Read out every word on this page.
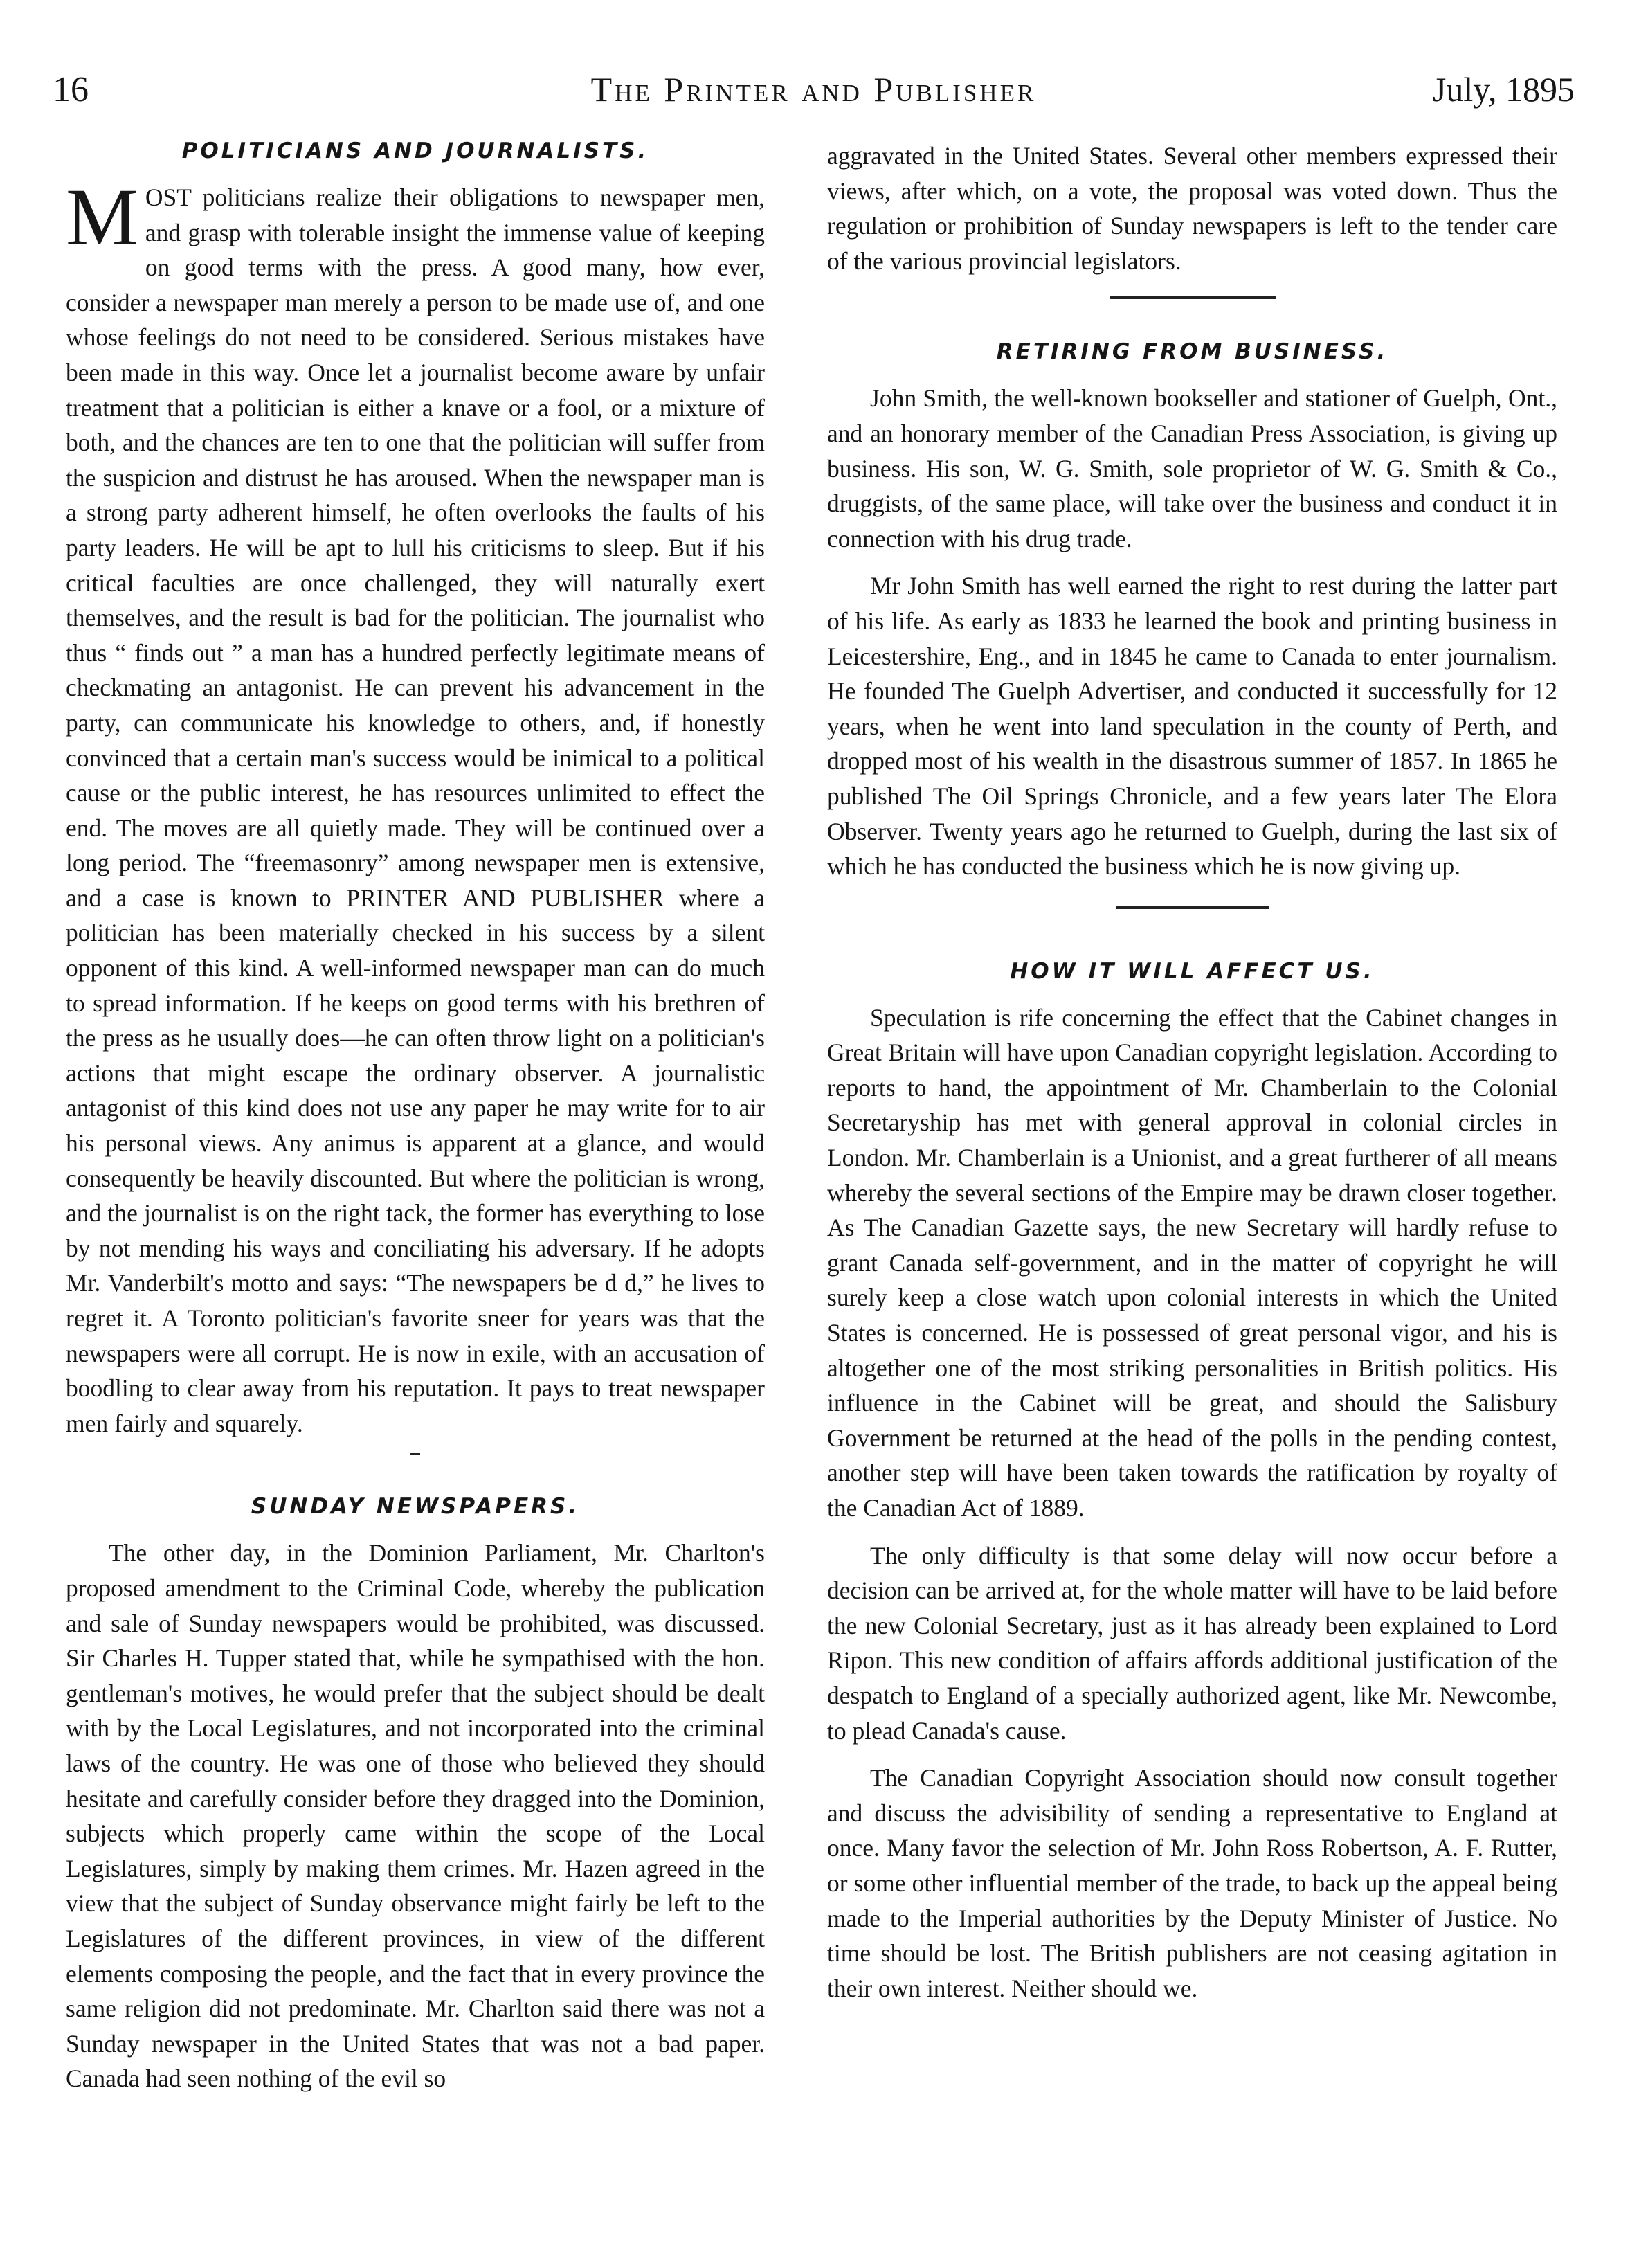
16	The Printer and Publisher	July, 1895
POLITICIANS AND JOURNALISTS.

MOST politicians realize their obligations to newspaper men, and grasp with tolerable insight the immense value of keeping on good terms with the press. A good many, how ever, consider a newspaper man merely a person to be made use of, and one whose feelings do not need to be considered. Serious mistakes have been made in this way. Once let a journalist become aware by unfair treatment that a politician is either a knave or a fool, or a mixture of both, and the chances are ten to one that the politician will suffer from the suspicion and distrust he has aroused. When the newspaper man is a strong party adherent himself, he often overlooks the faults of his party leaders. He will be apt to lull his criticisms to sleep. But if his critical faculties are once challenged, they will naturally exert themselves, and the result is bad for the politician. The journalist who thus “ finds out ” a man has a hundred perfectly legitimate means of checkmating an antagonist. He can prevent his advancement in the party, can communicate his knowledge to others, and, if honestly convinced that a certain man's success would be inimical to a political cause or the public interest, he has resources unlimited to effect the end. The moves are all quietly made. They will be continued over a long period. The “freemasonry” among newspaper men is extensive, and a case is known to PRINTER AND PUBLISHER where a politician has been materially checked in his success by a silent opponent of this kind. A well-informed newspaper man can do much to spread information. If he keeps on good terms with his brethren of the press as he usually does—he can often throw light on a politician's actions that might escape the ordinary observer. A journalistic antagonist of this kind does not use any paper he may write for to air his personal views. Any animus is apparent at a glance, and would consequently be heavily discounted. But where the politician is wrong, and the journalist is on the right tack, the former has everything to lose by not mending his ways and conciliating his adversary. If he adopts Mr. Vanderbilt's motto and says: “The newspapers be d d,” he lives to regret it. A Toronto politician's favorite sneer for years was that the newspapers were all corrupt. He is now in exile, with an accusation of boodling to clear away from his reputation. It pays to treat newspaper men fairly and squarely.

SUNDAY NEWSPAPERS.

The other day, in the Dominion Parliament, Mr. Charlton's proposed amendment to the Criminal Code, whereby the publication and sale of Sunday newspapers would be prohibited, was discussed. Sir Charles H. Tupper stated that, while he sympathised with the hon. gentleman's motives, he would prefer that the subject should be dealt with by the Local Legislatures, and not incorporated into the criminal laws of the country. He was one of those who believed they should hesitate and carefully consider before they dragged into the Dominion, subjects which properly came within the scope of the Local Legislatures, simply by making them crimes. Mr. Hazen agreed in the view that the subject of Sunday observance might fairly be left to the Legislatures of the different provinces, in view of the different elements composing the people, and the fact that in every province the same religion did not predominate. Mr. Charlton said there was not a Sunday newspaper in the United States that was not a bad paper. Canada had seen nothing of the evil so

aggravated in the United States. Several other members expressed their views, after which, on a vote, the proposal was voted down. Thus the regulation or prohibition of Sunday newspapers is left to the tender care of the various provincial legislators.

RETIRING FROM BUSINESS.

John Smith, the well-known bookseller and stationer of Guelph, Ont., and an honorary member of the Canadian Press Association, is giving up business. His son, W. G. Smith, sole proprietor of W. G. Smith & Co., druggists, of the same place, will take over the business and conduct it in connection with his drug trade.

Mr John Smith has well earned the right to rest during the latter part of his life. As early as 1833 he learned the book and printing business in Leicestershire, Eng., and in 1845 he came to Canada to enter journalism. He founded The Guelph Advertiser, and conducted it successfully for 12 years, when he went into land speculation in the county of Perth, and dropped most of his wealth in the disastrous summer of 1857. In 1865 he published The Oil Springs Chronicle, and a few years later The Elora Observer. Twenty years ago he returned to Guelph, during the last six of which he has conducted the business which he is now giving up.

HOW IT WILL AFFECT US.

Speculation is rife concerning the effect that the Cabinet changes in Great Britain will have upon Canadian copyright legislation. According to reports to hand, the appointment of Mr. Chamberlain to the Colonial Secretaryship has met with general approval in colonial circles in London. Mr. Chamberlain is a Unionist, and a great furtherer of all means whereby the several sections of the Empire may be drawn closer together. As The Canadian Gazette says, the new Secretary will hardly refuse to grant Canada self-government, and in the matter of copyright he will surely keep a close watch upon colonial interests in which the United States is concerned. He is possessed of great personal vigor, and his is altogether one of the most striking personalities in British politics. His influence in the Cabinet will be great, and should the Salisbury Government be returned at the head of the polls in the pending contest, another step will have been taken towards the ratification by royalty of the Canadian Act of 1889.

The only difficulty is that some delay will now occur before a decision can be arrived at, for the whole matter will have to be laid before the new Colonial Secretary, just as it has already been explained to Lord Ripon. This new condition of affairs affords additional justification of the despatch to England of a specially authorized agent, like Mr. Newcombe, to plead Canada's cause.

The Canadian Copyright Association should now consult together and discuss the advisibility of sending a representative to England at once. Many favor the selection of Mr. John Ross Robertson, A. F. Rutter, or some other influential member of the trade, to back up the appeal being made to the Imperial authorities by the Deputy Minister of Justice. No time should be lost. The British publishers are not ceasing agitation in their own interest. Neither should we.
